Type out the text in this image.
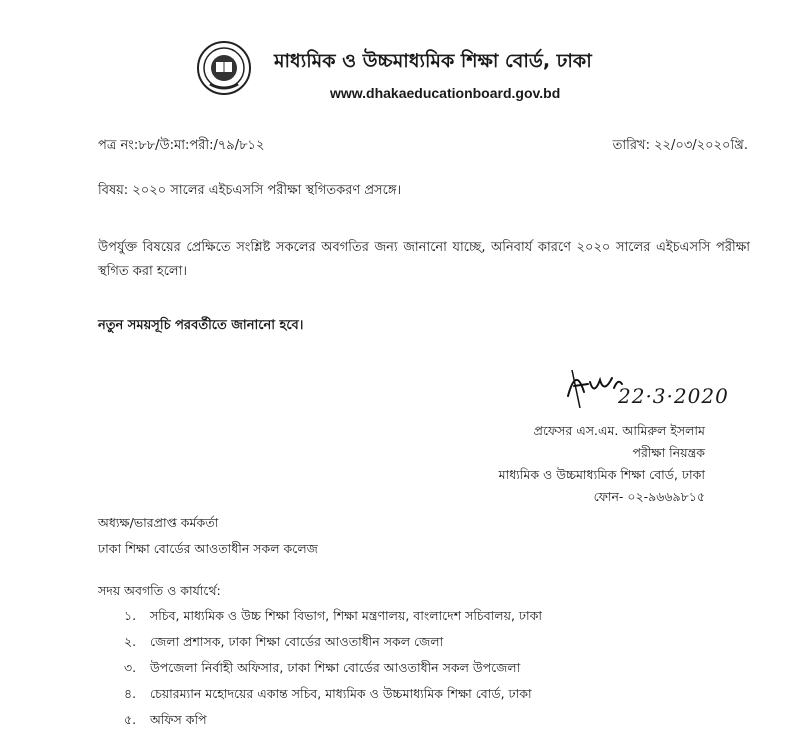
মাধ্যমিক ও উচ্চমাধ্যমিক শিক্ষা বোর্ড, ঢাকা
www.dhakaeducationboard.gov.bd
পত্র নং:৮৮/উ:মা:পরী:/৭৯/৮১২	তারিখ: ২২/০৩/২০২০খ্রি.
বিষয়: ২০২০ সালের এইচএসসি পরীক্ষা স্থগিতকরণ প্রসঙ্গে।
উপর্যুক্ত বিষয়ের প্রেক্ষিতে সংশ্লিষ্ট সকলের অবগতির জন্য জানানো যাচ্ছে, অনিবার্য কারণে ২০২০ সালের এইচএসসি পরীক্ষা স্থগিত করা হলো।
নতুন সময়সূচি পরবর্তীতে জানানো হবে।
22·3·2020
প্রফেসর এস.এম. আমিরুল ইসলাম
পরীক্ষা নিয়ন্ত্রক
মাধ্যমিক ও উচ্চমাধ্যমিক শিক্ষা বোর্ড, ঢাকা
ফোন- ০২-৯৬৬৯৮১৫
অধ্যক্ষ/ভারপ্রাপ্ত কর্মকর্তা
ঢাকা শিক্ষা বোর্ডের আওতাধীন সকল কলেজ
সদয় অবগতি ও কার্যার্থে:
১.	সচিব, মাধ্যমিক ও উচ্চ শিক্ষা বিভাগ, শিক্ষা মন্ত্রণালয়, বাংলাদেশ সচিবালয়, ঢাকা
২.	জেলা প্রশাসক, ঢাকা শিক্ষা বোর্ডের আওতাধীন সকল জেলা
৩.	উপজেলা নির্বাহী অফিসার, ঢাকা শিক্ষা বোর্ডের আওতাধীন সকল উপজেলা
৪.	চেয়ারম্যান মহোদয়ের একান্ত সচিব, মাধ্যমিক ও উচ্চমাধ্যমিক শিক্ষা বোর্ড, ঢাকা
৫.	অফিস কপি
